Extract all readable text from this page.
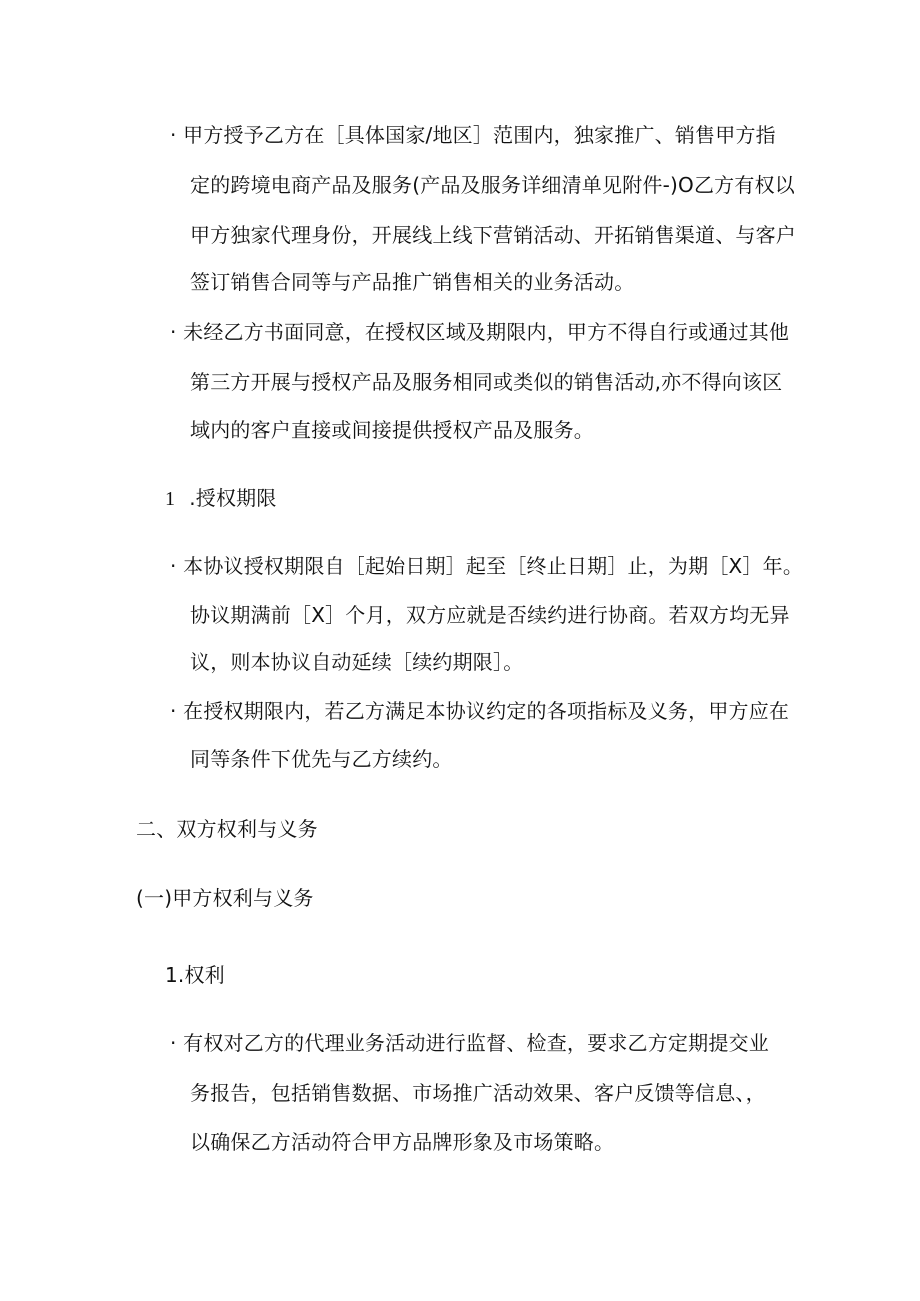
· 甲方授予乙方在［具体国家/地区］范围内，独家推广、销售甲方指
定的跨境电商产品及服务(产品及服务详细清单见附件-)O乙方有权以
甲方独家代理身份，开展线上线下营销活动、开拓销售渠道、与客户
签订销售合同等与产品推广销售相关的业务活动。
· 未经乙方书面同意，在授权区域及期限内，甲方不得自行或通过其他
第三方开展与授权产品及服务相同或类似的销售活动,亦不得向该区
域内的客户直接或间接提供授权产品及服务。
1 .授权期限
· 本协议授权期限自［起始日期］起至［终止日期］止，为期［X］年。
协议期满前［X］个月，双方应就是否续约进行协商。若双方均无异
议，则本协议自动延续［续约期限］。
· 在授权期限内，若乙方满足本协议约定的各项指标及义务，甲方应在
同等条件下优先与乙方续约。
二、双方权利与义务
(一)甲方权利与义务
1.权利
· 有权对乙方的代理业务活动进行监督、检查，要求乙方定期提交业
务报告，包括销售数据、市场推广活动效果、客户反馈等信息、，
以确保乙方活动符合甲方品牌形象及市场策略。
